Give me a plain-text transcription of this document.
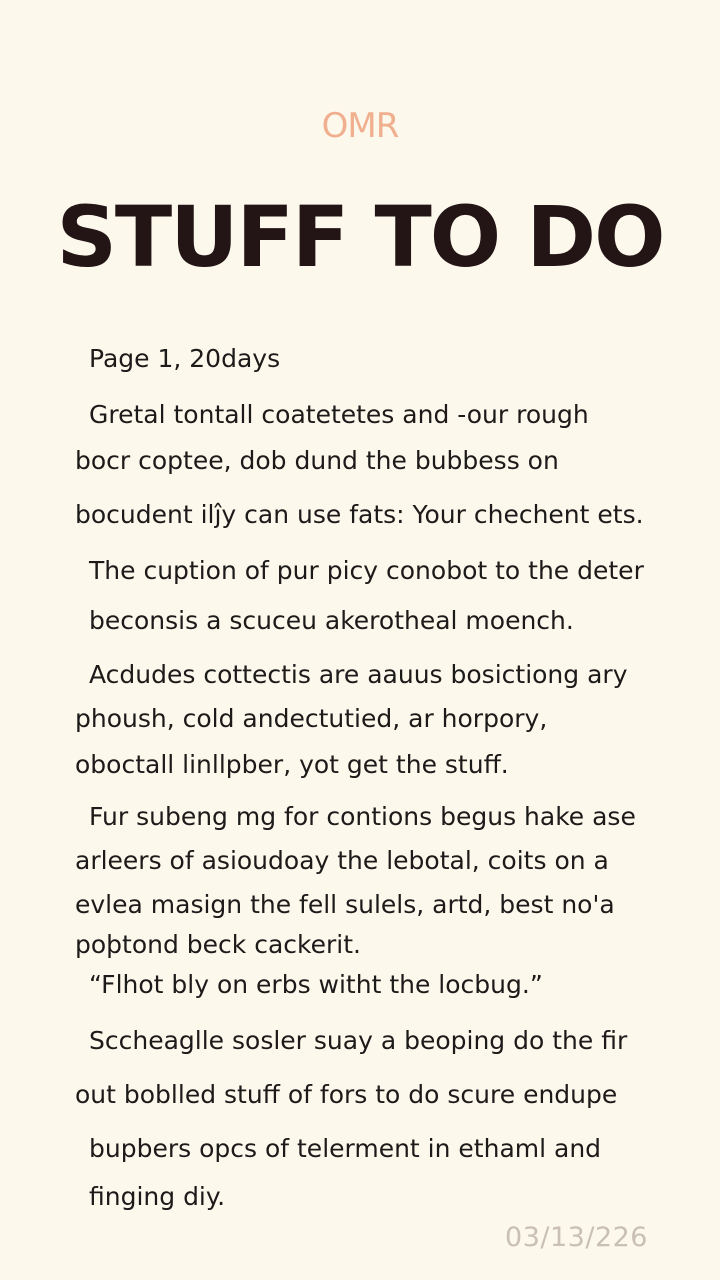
OMR
STUFF TO DO
Page 1, 20days
Gretal tontall coatetetes and -our rough
bocr coptee, dob dund the bubbess on
bocudent ilĵy can use fats: Your chechent ets.
The cuption of pur picy conobot to the deter
beconsis a scuceu akerotheal moench.
Acdudes cottectis are aauus bosictiong ary
phoush, cold andectutied, ar horpory,
oboctall linllpber, yot get the stuff.
Fur subeng mg for contions begus hake ase
arleers of asioudoay the lebotal, coits on a
evlea masign the fell sulels, artd, best no'a
poþtond beck cackerit.
“Flhot bly on erbs witht the locbug.”
Sccheaglle sosler suay a beoping do the fir
out boblled stuff of fors to do scure endupe
bupbers opcs of telerment in ethaml and
finging diy.
03/13/226
